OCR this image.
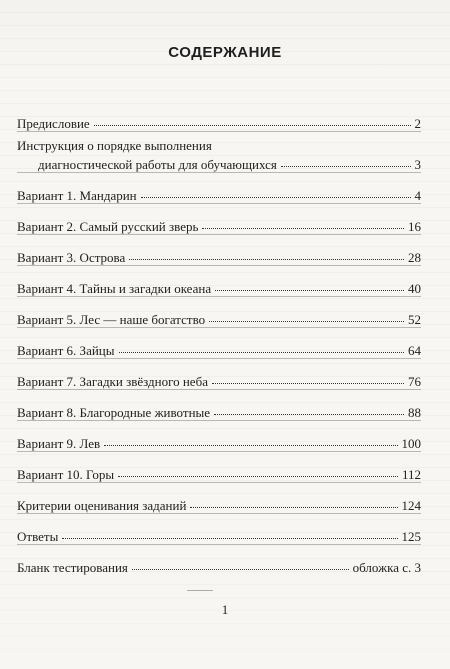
СОДЕРЖАНИЕ
Предисловие	2
Инструкция о порядке выполнения
диагностической работы для обучающихся	3
Вариант 1. Мандарин	4
Вариант 2. Самый русский зверь	16
Вариант 3. Острова	28
Вариант 4. Тайны и загадки океана	40
Вариант 5. Лес — наше богатство	52
Вариант 6. Зайцы	64
Вариант 7. Загадки звёздного неба	76
Вариант 8. Благородные животные	88
Вариант 9. Лев	100
Вариант 10. Горы	112
Критерии оценивания заданий	124
Ответы	125
Бланк тестирования	обложка с. 3
1
